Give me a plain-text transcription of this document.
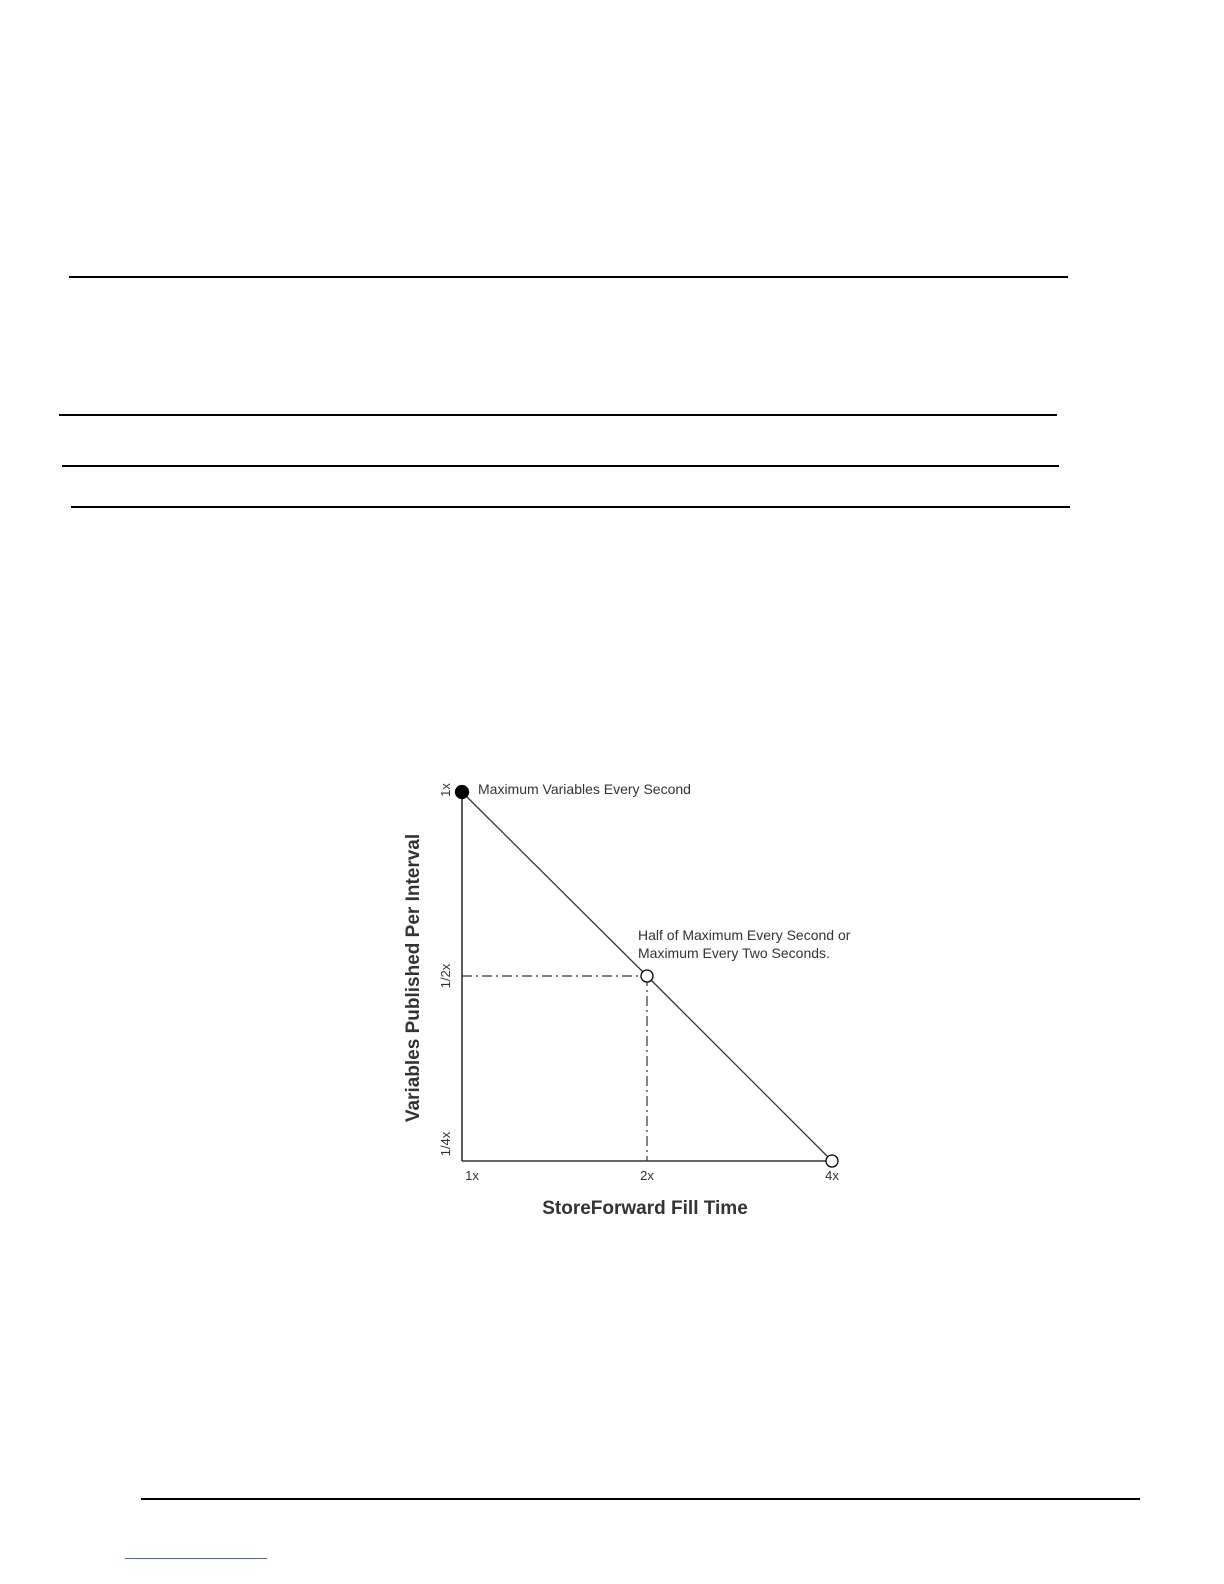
1x	2x	4x
1/4x
1/2x
1x Maximum Variables Every Second
Half of Maximum Every Second or
Maximum Every Two Seconds.
StoreForward Fill Time
Variables Published Per Interval
